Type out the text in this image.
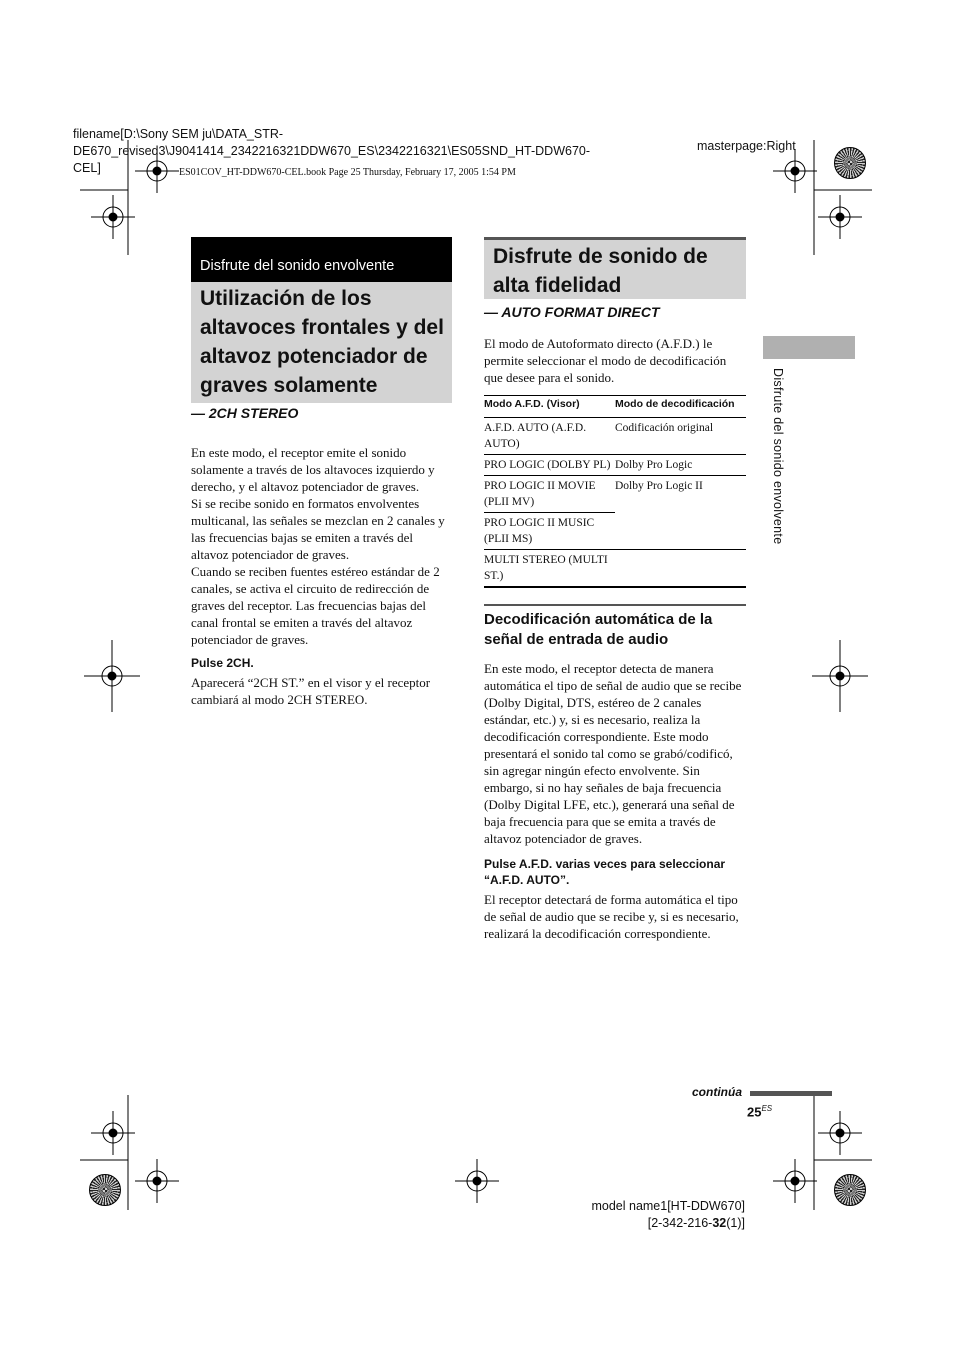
filename[D:\Sony SEM ju\DATA_STR-DE670_revised3\J9041414_2342216321DDW670_ES\2342216321\ES05SND_HT-DDW670-CEL]
masterpage:Right
ES01COV_HT-DDW670-CEL.book Page 25 Thursday, February 17, 2005 1:54 PM
Disfrute del sonido envolvente
Utilización de los altavoces frontales y del altavoz potenciador de graves solamente
— 2CH STEREO

En este modo, el receptor emite el sonido solamente a través de los altavoces izquierdo y derecho, y el altavoz potenciador de graves.

Si se recibe sonido en formatos envolventes multicanal, las señales se mezclan en 2 canales y las frecuencias bajas se emiten a través del altavoz potenciador de graves.

Cuando se reciben fuentes estéreo estándar de 2 canales, se activa el circuito de redirección de graves del receptor. Las frecuencias bajas del canal frontal se emiten a través del altavoz potenciador de graves.

Pulse 2CH.

Aparecerá “2CH ST.” en el visor y el receptor cambiará al modo 2CH STEREO.

Disfrute de sonido de alta fidelidad
— AUTO FORMAT DIRECT

El modo de Autoformato directo (A.F.D.) le permite seleccionar el modo de decodificación que desee para el sonido.

Modo A.F.D. (Visor)	Modo de decodificación
A.F.D. AUTO (A.F.D. AUTO)	Codificación original
PRO LOGIC (DOLBY PL)	Dolby Pro Logic
PRO LOGIC II MOVIE (PLII MV)	Dolby Pro Logic II
PRO LOGIC II MUSIC (PLII MS)	
MULTI STEREO (MULTI ST.)	
Decodificación automática de la señal de entrada de audio

En este modo, el receptor detecta de manera automática el tipo de señal de audio que se recibe (Dolby Digital, DTS, estéreo de 2 canales estándar, etc.) y, si es necesario, realiza la decodificación correspondiente. Este modo presentará el sonido tal como se grabó/codificó, sin agregar ningún efecto envolvente. Sin embargo, si no hay señales de baja frecuencia (Dolby Digital LFE, etc.), generará una señal de baja frecuencia para que se emita a través de altavoz potenciador de graves.

Pulse A.F.D. varias veces para seleccionar “A.F.D. AUTO”.

El receptor detectará de forma automática el tipo de señal de audio que se recibe y, si es necesario, realizará la decodificación correspondiente.

Disfrute del sonido envolvente
continúa
$25^{ES}$
model name1[HT-DDW670]
[2-342-216-32(1)]
